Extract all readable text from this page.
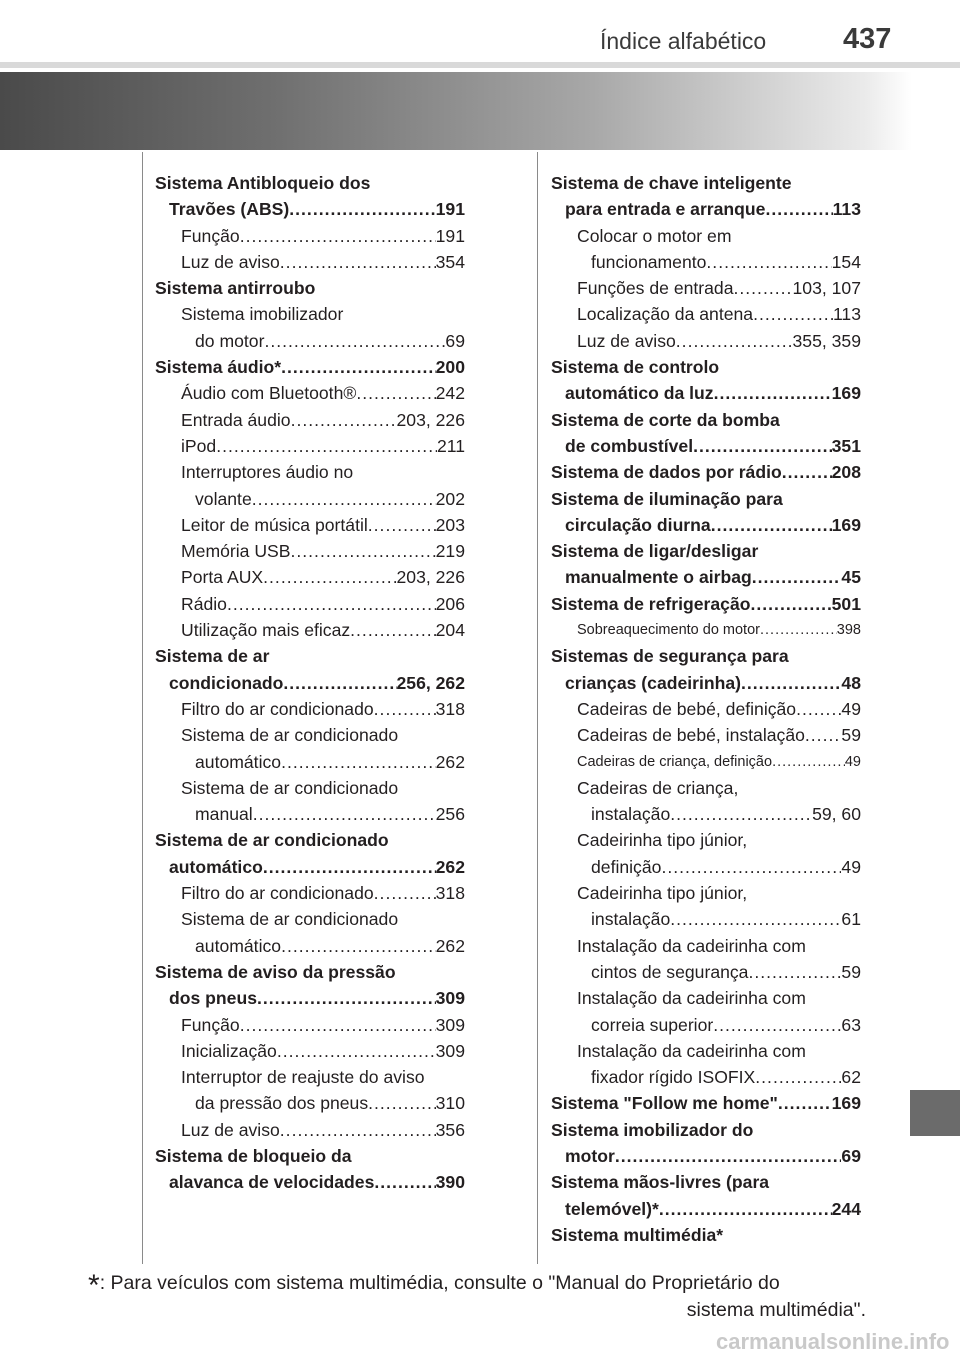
Índice alfabético	437
Sistema Antibloqueio dos
Travões (ABS) .....	191
Função .....	191
Luz de aviso .....	354
Sistema antirroubo
Sistema imobilizador
do motor .....	69
Sistema áudio* .....	200
Áudio com Bluetooth® .....	242
Entrada áudio .....	203, 226
iPod .....	211
Interruptores áudio no
volante .....	202
Leitor de música portátil .....	203
Memória USB .....	219
Porta AUX .....	203, 226
Rádio .....	206
Utilização mais eficaz .....	204
Sistema de ar
condicionado .....	256, 262
Filtro do ar condicionado .....	318
Sistema de ar condicionado
automático .....	262
Sistema de ar condicionado
manual .....	256
Sistema de ar condicionado
automático .....	262
Filtro do ar condicionado .....	318
Sistema de ar condicionado
automático .....	262
Sistema de aviso da pressão
dos pneus .....	309
Função .....	309
Inicialização .....	309
Interruptor de reajuste do aviso
da pressão dos pneus .....	310
Luz de aviso .....	356
Sistema de bloqueio da
alavanca de velocidades .....	390
Sistema de chave inteligente
para entrada e arranque .....	113
Colocar o motor em
funcionamento .....	154
Funções de entrada .....	103, 107
Localização da antena .....	113
Luz de aviso .....	355, 359
Sistema de controlo
automático da luz .....	169
Sistema de corte da bomba
de combustível .....	351
Sistema de dados por rádio .....	208
Sistema de iluminação para
circulação diurna .....	169
Sistema de ligar/desligar
manualmente o airbag .....	45
Sistema de refrigeração .....	501
Sobreaquecimento do motor .....	398
Sistemas de segurança para
crianças (cadeirinha) .....	48
Cadeiras de bebé, definição .....	49
Cadeiras de bebé, instalação ..... 59
Cadeiras de criança, definição .....	49
Cadeiras de criança,
instalação .....	59, 60
Cadeirinha tipo júnior,
definição .....	49
Cadeirinha tipo júnior,
instalação .....	61
Instalação da cadeirinha com
cintos de segurança .....	59
Instalação da cadeirinha com
correia superior .....	63
Instalação da cadeirinha com
fixador rígido ISOFIX .....	62
Sistema "Follow me home" .....	169
Sistema imobilizador do
motor .....	69
Sistema mãos-livres (para
telemóvel)* .....	244
Sistema multimédia*
*: Para veículos com sistema multimédia, consulte o "Manual do Proprietário do
sistema multimédia".
carmanualsonline.info
